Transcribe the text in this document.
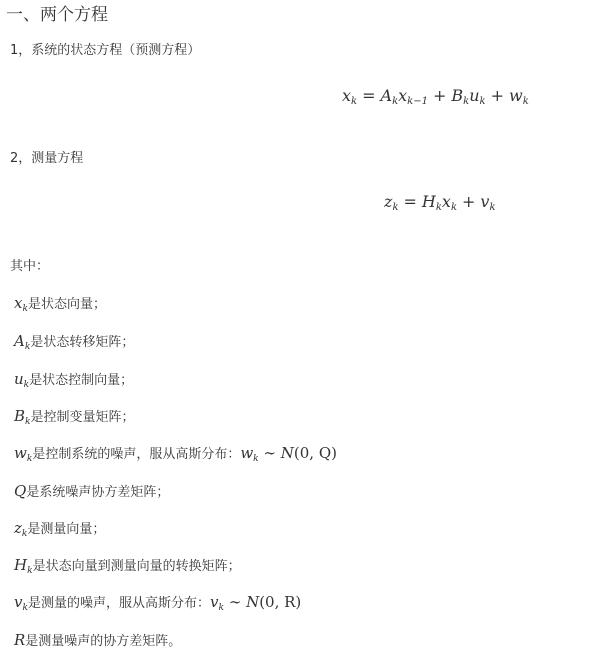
一、两个方程
1，系统的状态方程（预测方程）
$x_k = A_kx_{k-1} + B_ku_k + w_k$
2，测量方程
$z_k = H_kx_k + v_k$
其中：
$x_k$是状态向量；
$A_k$是状态转移矩阵；
$u_k$是状态控制向量；
$B_k$是控制变量矩阵；
$w_k$是控制系统的噪声，服从高斯分布：$w_k$ ∼ N(0, Q)
Q是系统噪声协方差矩阵；
$z_k$是测量向量；
$H_k$是状态向量到测量向量的转换矩阵；
$v_k$是测量的噪声，服从高斯分布：$v_k$ ∼ N(0, R)
R是测量噪声的协方差矩阵。
